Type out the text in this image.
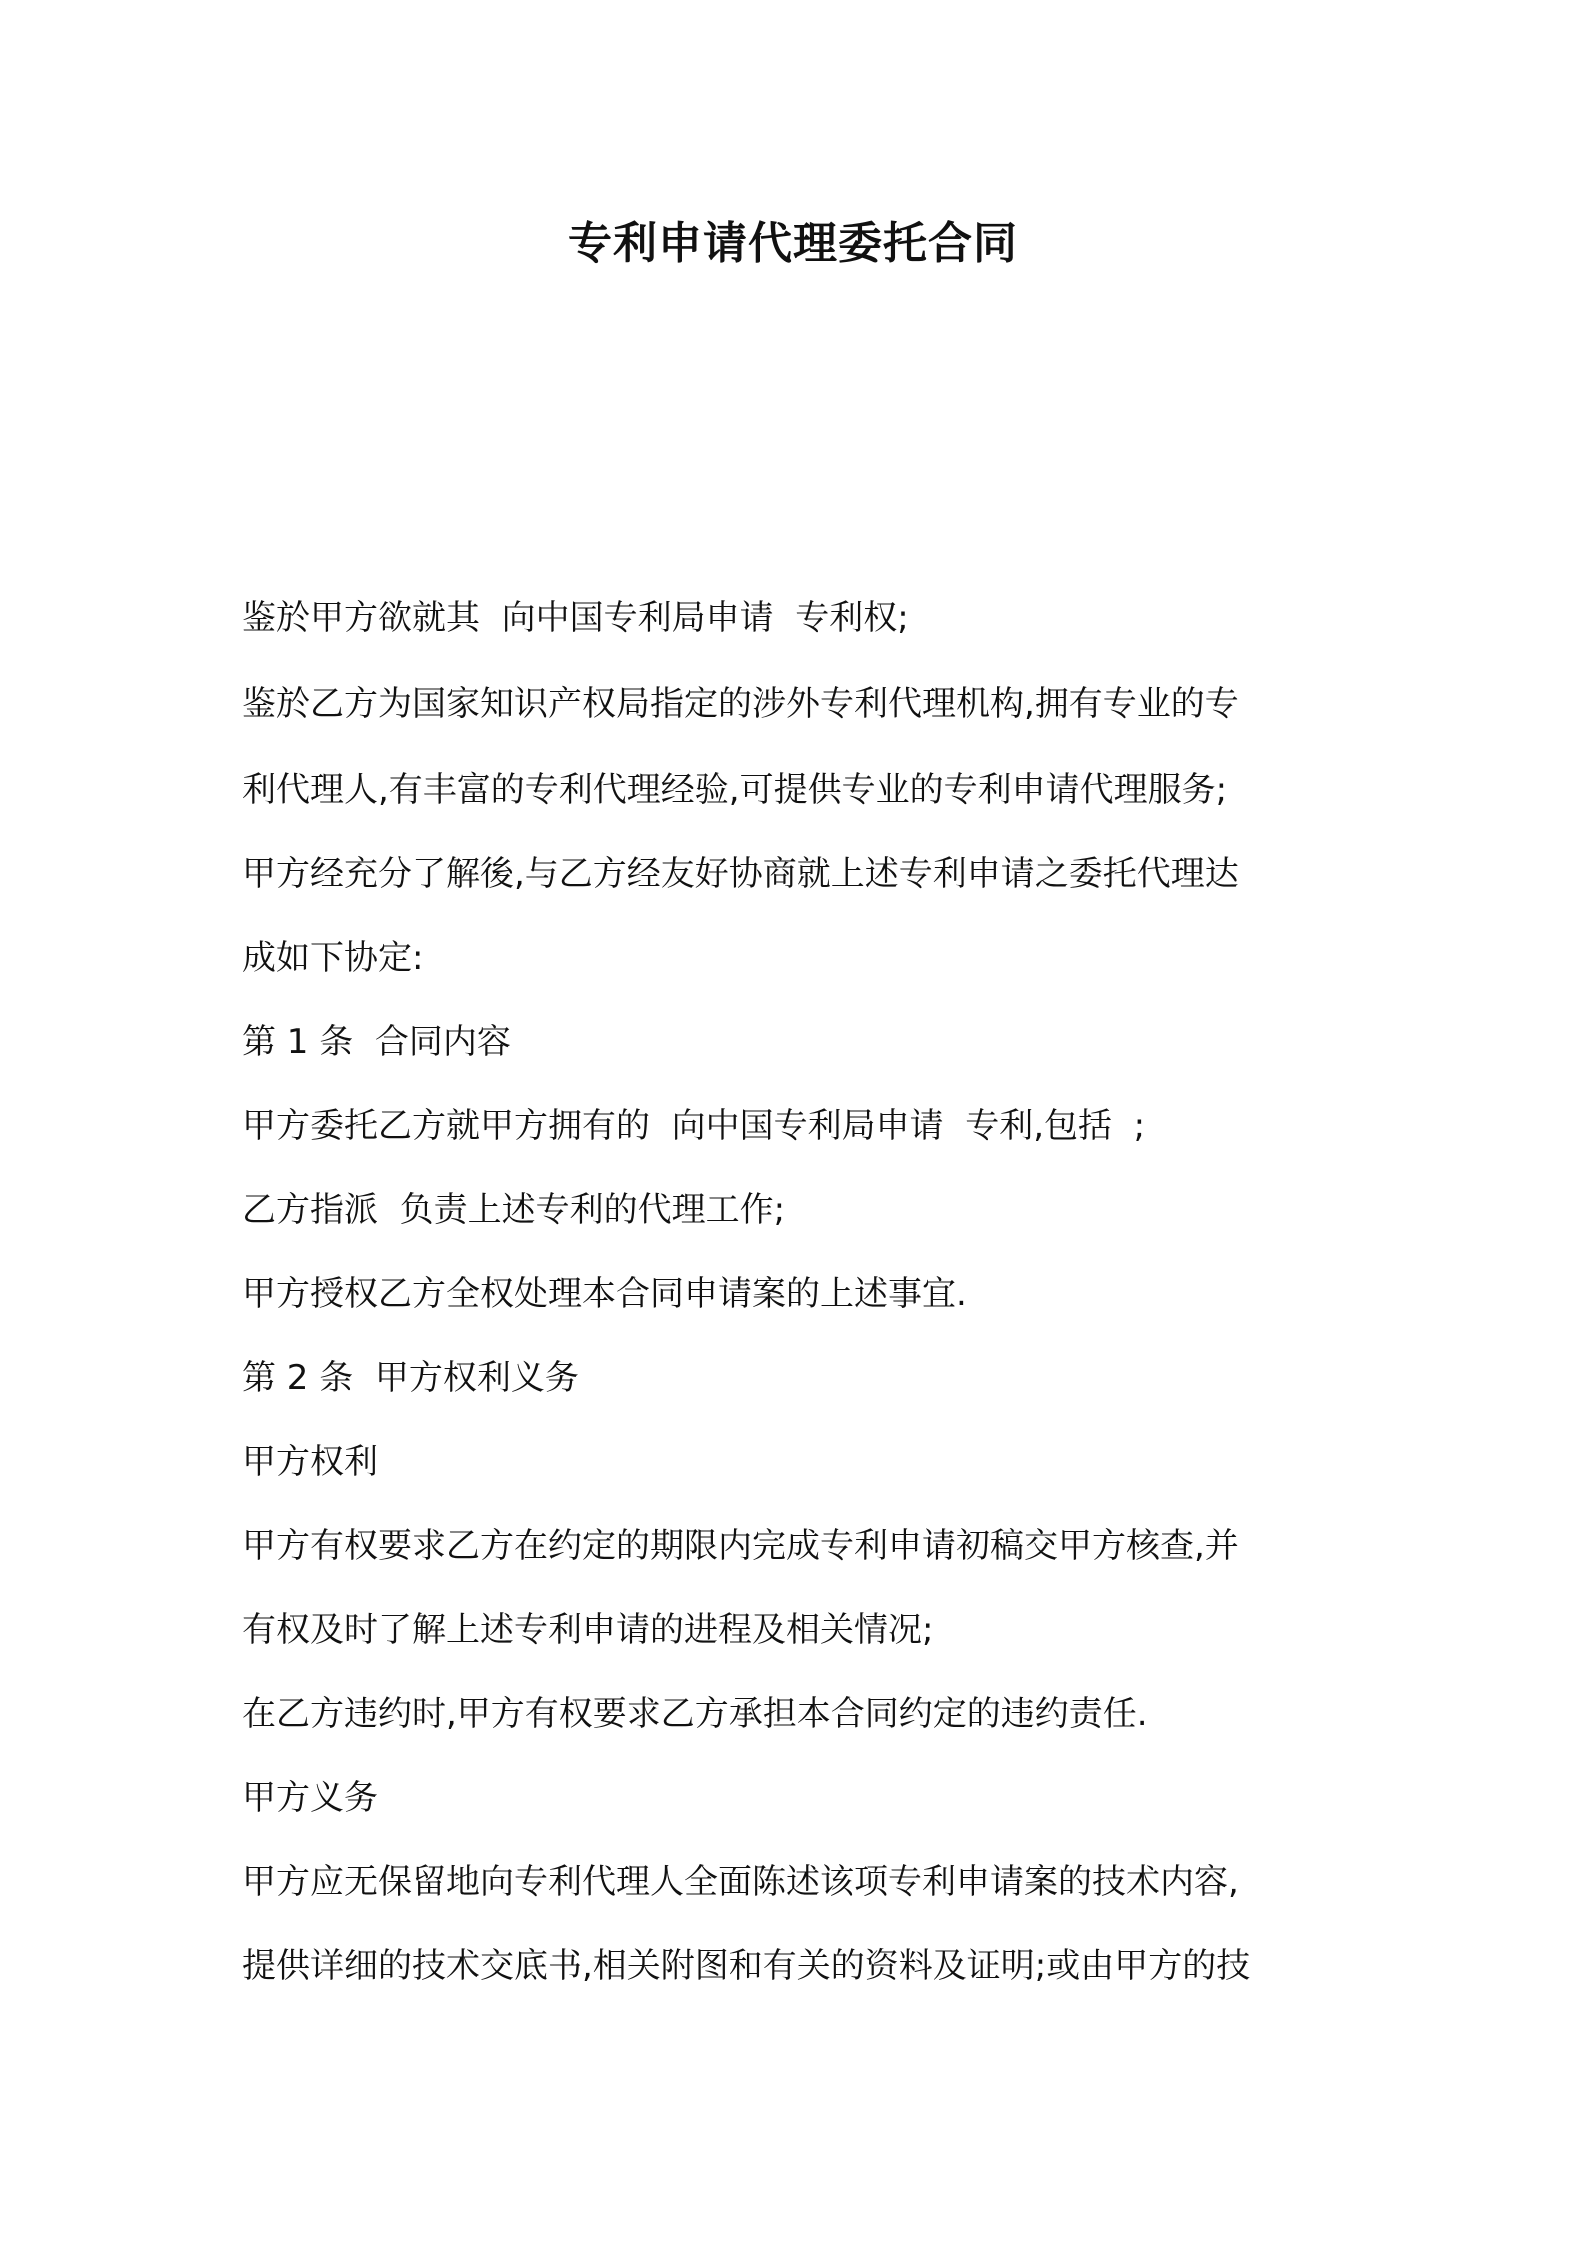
专利申请代理委托合同

鉴於甲方欲就其  向中国专利局申请  专利权;
鉴於乙方为国家知识产权局指定的涉外专利代理机构,拥有专业的专
利代理人,有丰富的专利代理经验,可提供专业的专利申请代理服务;
甲方经充分了解後,与乙方经友好协商就上述专利申请之委托代理达
成如下协定:
第 1 条  合同内容
甲方委托乙方就甲方拥有的  向中国专利局申请  专利,包括  ;
乙方指派  负责上述专利的代理工作;
甲方授权乙方全权处理本合同申请案的上述事宜.
第 2 条  甲方权利义务
甲方权利
甲方有权要求乙方在约定的期限内完成专利申请初稿交甲方核查,并
有权及时了解上述专利申请的进程及相关情况;
在乙方违约时,甲方有权要求乙方承担本合同约定的违约责任.
甲方义务
甲方应无保留地向专利代理人全面陈述该项专利申请案的技术内容,
提供详细的技术交底书,相关附图和有关的资料及证明;或由甲方的技
